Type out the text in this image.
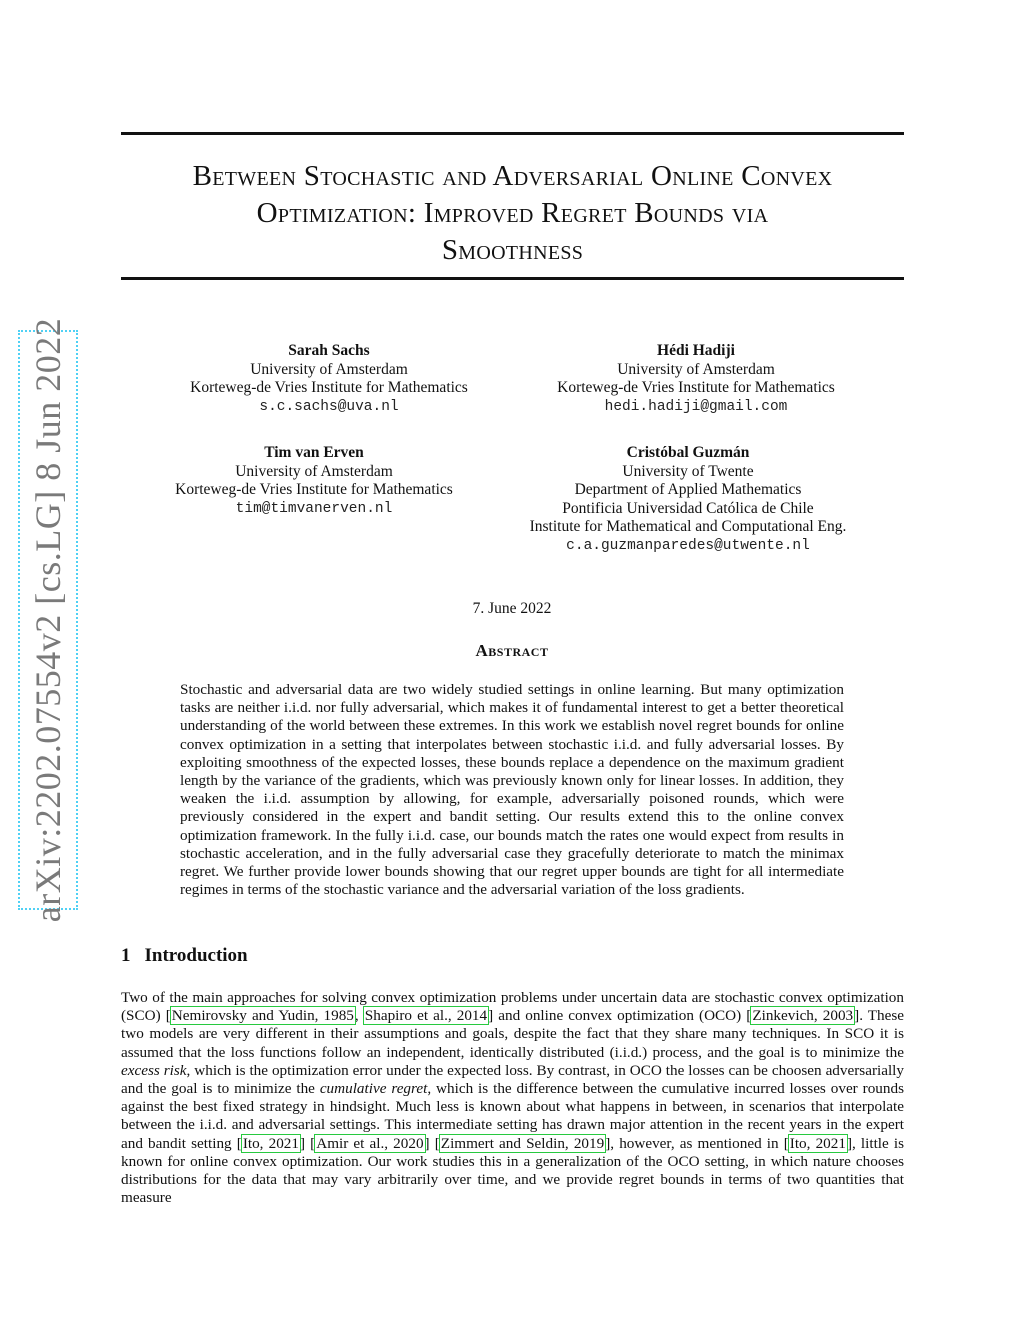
arXiv:2202.07554v2 [cs.LG] 8 Jun 2022
Between Stochastic and Adversarial Online Convex
Optimization: Improved Regret Bounds via
Smoothness
Sarah Sachs
University of Amsterdam
Korteweg-de Vries Institute for Mathematics
s.c.sachs@uva.nl
Hédi Hadiji
University of Amsterdam
Korteweg-de Vries Institute for Mathematics
hedi.hadiji@gmail.com
Tim van Erven
University of Amsterdam
Korteweg-de Vries Institute for Mathematics
tim@timvanerven.nl
Cristóbal Guzmán
University of Twente
Department of Applied Mathematics
Pontificia Universidad Católica de Chile
Institute for Mathematical and Computational Eng.
c.a.guzmanparedes@utwente.nl
7. June 2022
Abstract
Stochastic and adversarial data are two widely studied settings in online learning. But many optimization tasks are neither i.i.d. nor fully adversarial, which makes it of fundamental interest to get a better theoretical understanding of the world between these extremes. In this work we establish novel regret bounds for online convex optimization in a setting that interpolates between stochastic i.i.d. and fully adversarial losses. By exploiting smoothness of the expected losses, these bounds replace a dependence on the maximum gradient length by the variance of the gradients, which was previously known only for linear losses. In addition, they weaken the i.i.d. assumption by allowing, for example, adversarially poisoned rounds, which were previously considered in the expert and bandit setting. Our results extend this to the online convex optimization framework. In the fully i.i.d. case, our bounds match the rates one would expect from results in stochastic acceleration, and in the fully adversarial case they gracefully deteriorate to match the minimax regret. We further provide lower bounds showing that our regret upper bounds are tight for all intermediate regimes in terms of the stochastic variance and the adversarial variation of the loss gradients.
1 Introduction
Two of the main approaches for solving convex optimization problems under uncertain data are stochastic convex optimization (SCO) [Nemirovsky and Yudin, 1985, Shapiro et al., 2014] and online convex optimization (OCO) [Zinkevich, 2003]. These two models are very different in their assumptions and goals, despite the fact that they share many techniques. In SCO it is assumed that the loss functions follow an independent, identically distributed (i.i.d.) process, and the goal is to minimize the excess risk, which is the optimization error under the expected loss. By contrast, in OCO the losses can be choosen adversarially and the goal is to minimize the cumulative regret, which is the difference between the cumulative incurred losses over rounds against the best fixed strategy in hindsight. Much less is known about what happens in between, in scenarios that interpolate between the i.i.d. and adversarial settings. This intermediate setting has drawn major attention in the recent years in the expert and bandit setting [Ito, 2021] [Amir et al., 2020] [Zimmert and Seldin, 2019], however, as mentioned in [Ito, 2021], little is known for online convex optimization. Our work studies this in a generalization of the OCO setting, in which nature chooses distributions for the data that may vary arbitrarily over time, and we provide regret bounds in terms of two quantities that measure
